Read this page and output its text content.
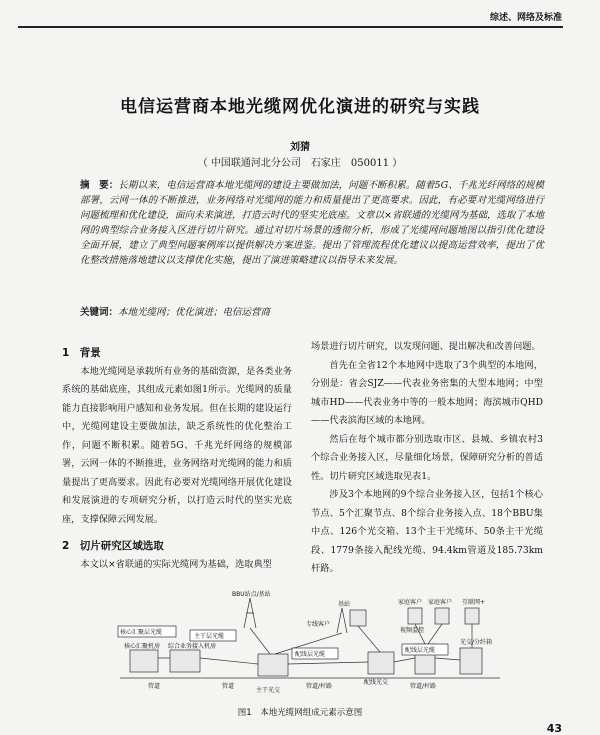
综述、网络及标准
电信运营商本地光缆网优化演进的研究与实践
刘猜
（ 中国联通河北分公司　石家庄　050011 ）
摘　要：长期以来，电信运营商本地光缆网的建设主要做加法，问题不断积累。随着5G、千兆光纤网络的规模部署，云网一体的不断推进，业务网络对光缆网的能力和质量提出了更高要求。因此，有必要对光缆网络进行问题梳理和优化建设，面向未来演进，打造云时代的坚实光底座。文章以×省联通的光缆网为基础，选取了本地网的典型综合业务接入区进行切片研究。通过对切片场景的透彻分析，形成了光缆网问题地图以指引优化建设全面开展，建立了典型问题案例库以提供解决方案进鉴。提出了管理流程优化建议以提高运营效率，提出了优化整改措施落地建议以支撑优化实施，提出了演进策略建议以指导未来发展。
关键词：本地光缆网；优化演进；电信运营商

1　背景

本地光缆网是承载所有业务的基础资源，是各类业务系统的基础底座，其组成元素如图1所示。光缆网的质量能力直接影响用户感知和业务发展。但在长期的建设运行中，光缆网建设主要做加法，缺乏系统性的优化整治工作，问题不断积累。随着5G、千兆光纤网络的规模部署，云网一体的不断推进，业务网络对光缆网的能力和质量提出了更高要求。因此有必要对光缆网络开展优化建设和发展演进的专项研究分析，以打造云时代的坚实光底座，支撑保障云网发展。

2　切片研究区域选取

本文以×省联通的实际光缆网为基础，选取典型

场景进行切片研究，以发现问题、提出解决和改善问题。

首先在全省12个本地网中选取了3个典型的本地网，分别是：省会SJZ——代表业务密集的大型本地网；中型城市HD——代表业务中等的一般本地网；海滨城市QHD——代表滨海区域的本地网。

然后在每个城市都分别选取市区、县城、乡镇农村3个综合业务接入区，尽量细化场景，保障研究分析的普适性。切片研究区域选取见表1。

涉及3个本地网的9个综合业务接入区，包括1个核心节点、5个汇聚节点、8个综合业务接入点、18个BBU集中点、126个光交箱、13个主干光缆环、50条主干光缆段、1779条接入配线光缆、94.4km管道及185.73km杆路。

BBU站点/基站
基站	家庭客户 家庭客户 互联网+
视频监控
专线客户
核心汇聚层光缆
主干层光缆
核心汇聚机房 综合业务接入机房
配线层光缆
配线层光缆
配线光交
主干光交
光交/分纤箱
管道	管道	管道/杆路	管道/杆路
图1　本地光缆网组成元素示意图
43
